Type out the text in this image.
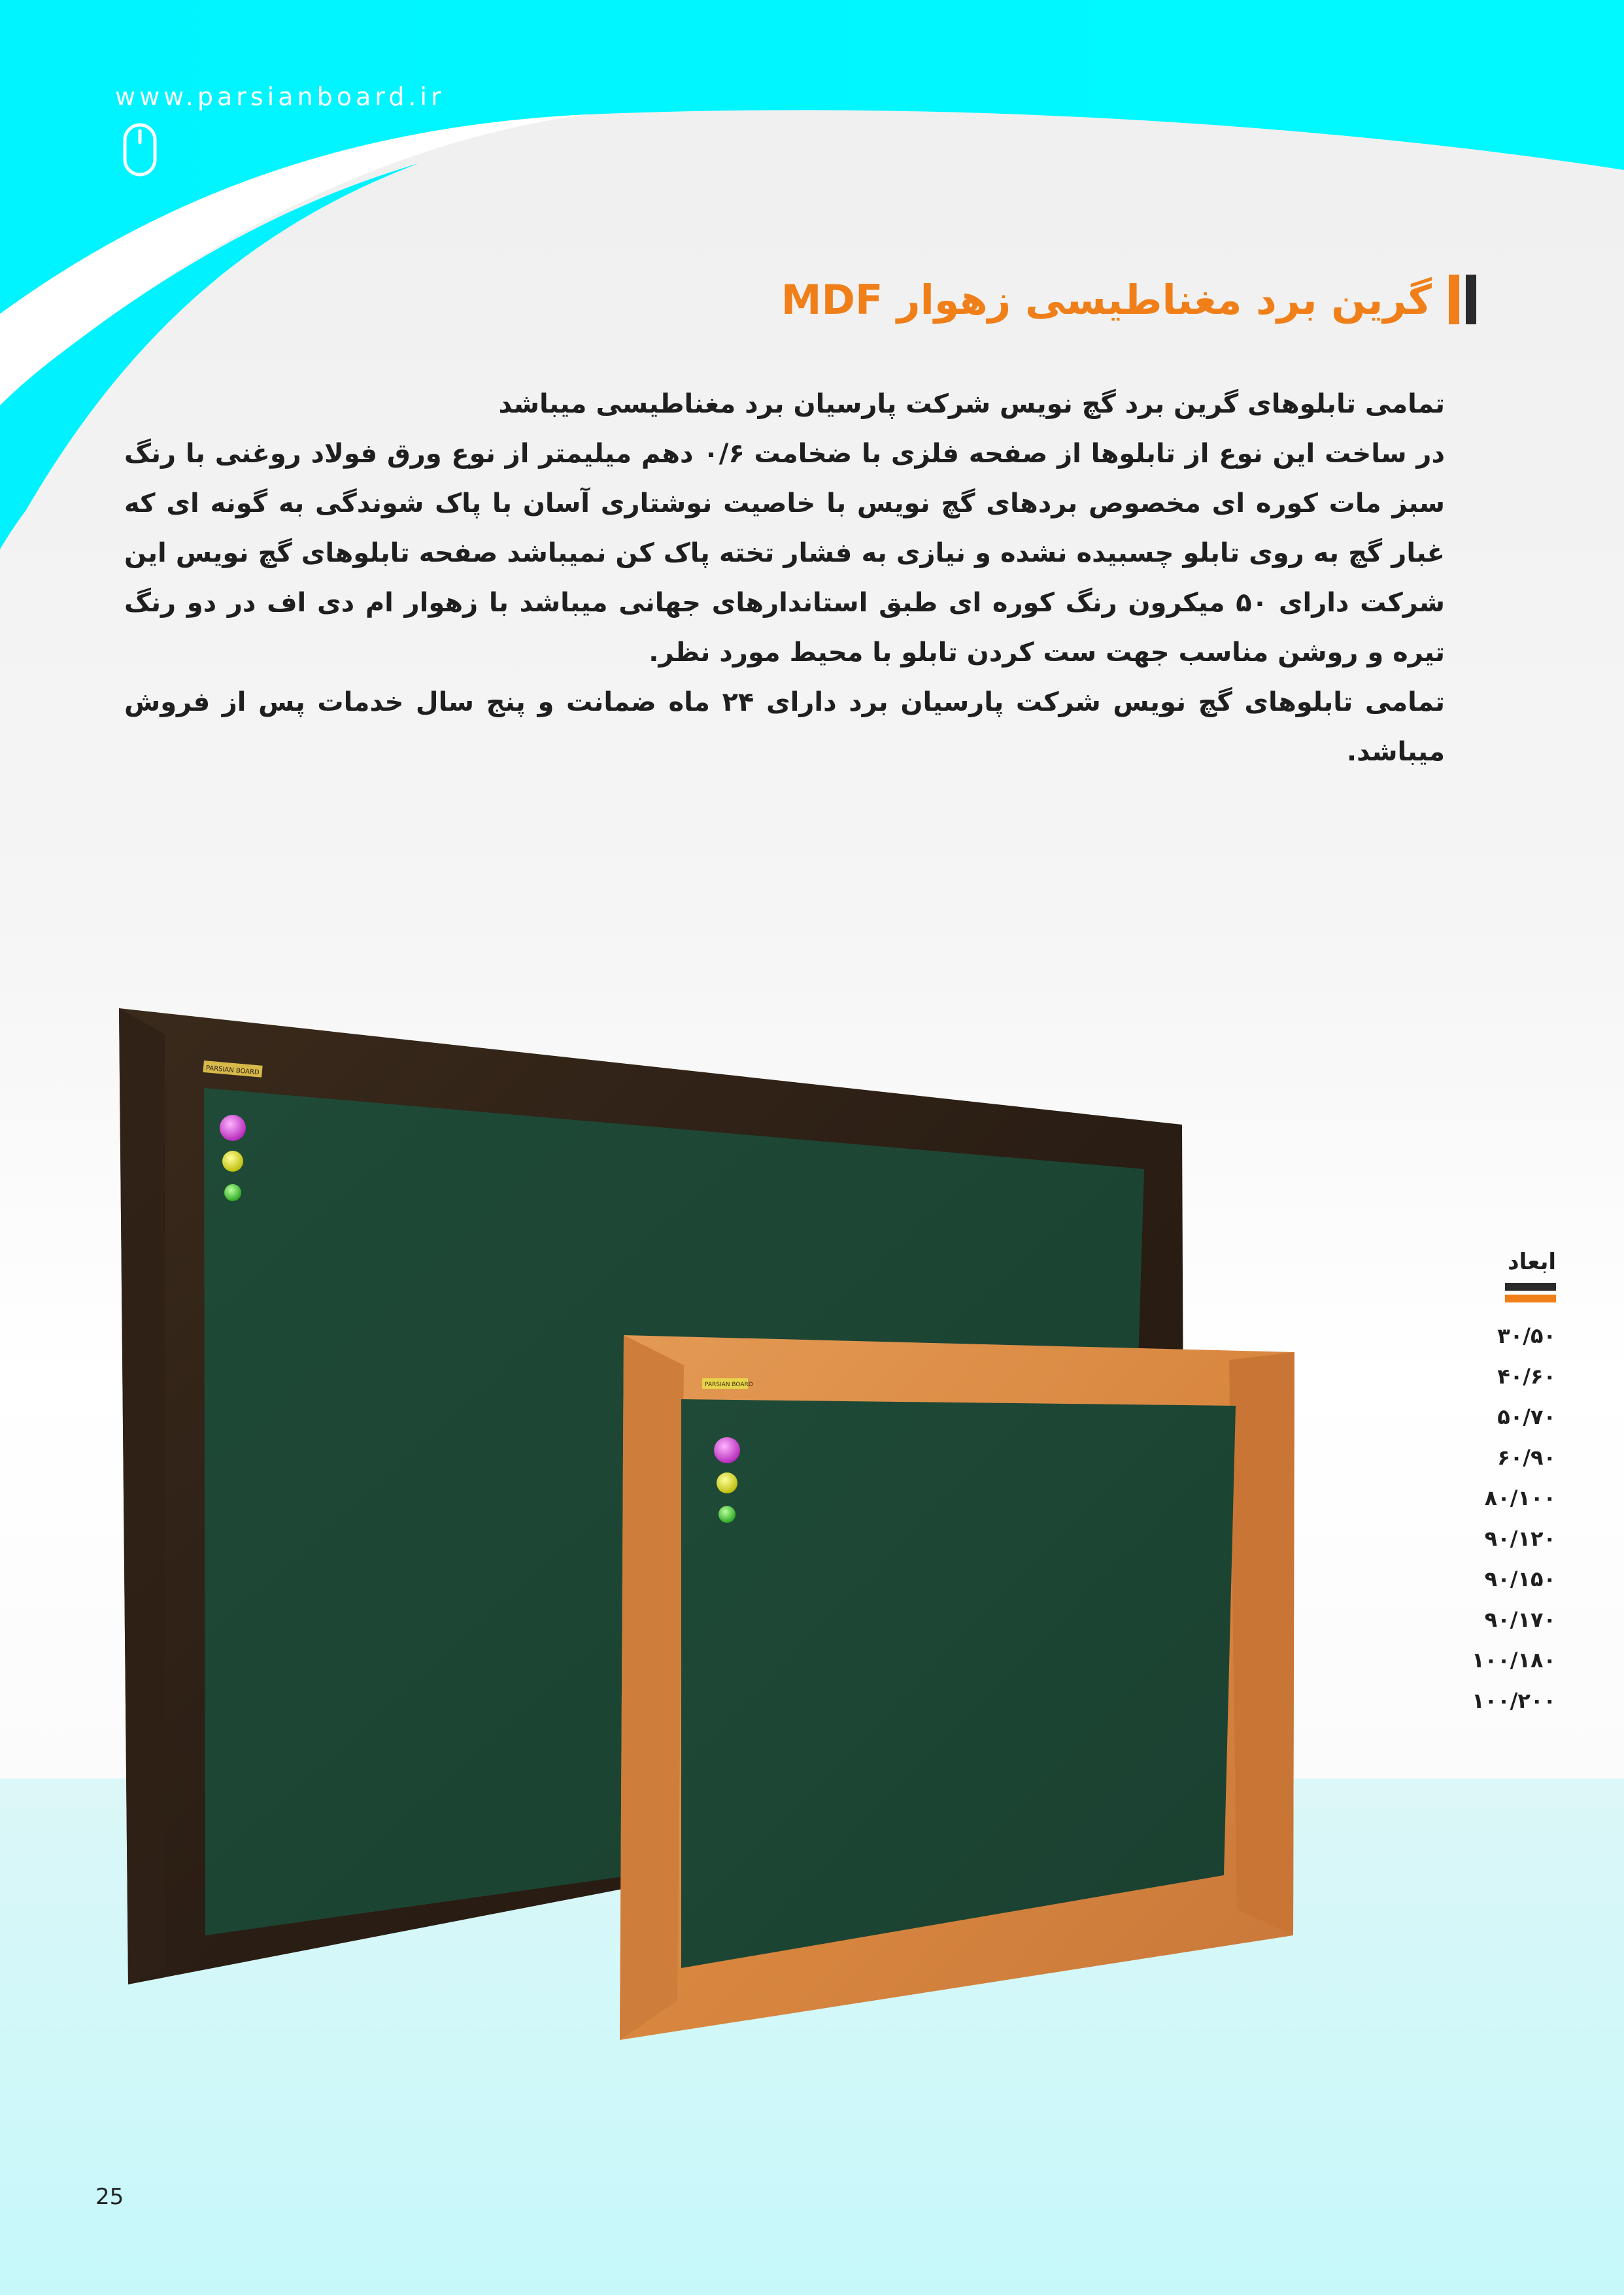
www.parsianboard.ir
گرین برد مغناطیسی زهوار MDF

تمامی تابلوهای گرین برد گچ نویس شرکت پارسیان برد مغناطیسی میباشد

در ساخت این نوع از تابلوها از صفحه فلزی با ضخامت ۰/۶ دهم میلیمتر از نوع ورق فولاد روغنی با رنگ سبز مات کوره ای مخصوص بردهای گچ نویس با خاصیت نوشتاری آسان با پاک شوندگی به گونه ای که غبار گچ به روی تابلو چسبیده نشده و نیازی به فشار تخته پاک کن نمیباشد صفحه تابلوهای گچ نویس این شرکت دارای ۵۰ میکرون رنگ کوره ای طبق استاندارهای جهانی میباشد با زهوار ام دی اف در دو رنگ تیره و روشن مناسب جهت ست کردن تابلو با محیط مورد نظر.

تمامی تابلوهای گچ نویس شرکت پارسیان برد دارای ۲۴ ماه ضمانت و پنج سال خدمات پس از فروش میباشد.

PARSIAN BOARD
PARSIAN BOARD
ابعاد
۳۰/۵۰
۴۰/۶۰
۵۰/۷۰
۶۰/۹۰
۸۰/۱۰۰
۹۰/۱۲۰
۹۰/۱۵۰
۹۰/۱۷۰
۱۰۰/۱۸۰
۱۰۰/۲۰۰
25
